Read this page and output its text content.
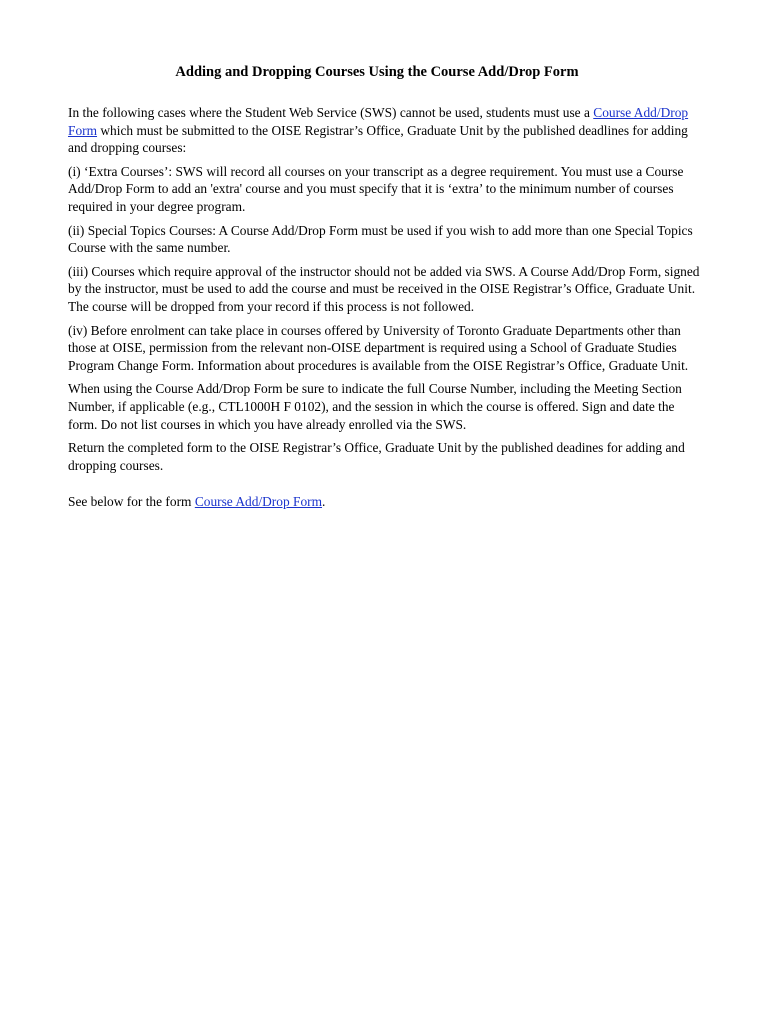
Adding and Dropping Courses Using the Course Add/Drop Form

In the following cases where the Student Web Service (SWS) cannot be used, students must use a Course Add/Drop Form which must be submitted to the OISE Registrar’s Office, Graduate Unit by the published deadlines for adding and dropping courses:

(i) ‘Extra Courses’: SWS will record all courses on your transcript as a degree requirement. You must use a Course Add/Drop Form to add an 'extra' course and you must specify that it is ‘extra’ to the minimum number of courses required in your degree program.

(ii) Special Topics Courses: A Course Add/Drop Form must be used if you wish to add more than one Special Topics Course with the same number.

(iii) Courses which require approval of the instructor should not be added via SWS. A Course Add/Drop Form, signed by the instructor, must be used to add the course and must be received in the OISE Registrar’s Office, Graduate Unit. The course will be dropped from your record if this process is not followed.

(iv) Before enrolment can take place in courses offered by University of Toronto Graduate Departments other than those at OISE, permission from the relevant non-OISE department is required using a School of Graduate Studies Program Change Form. Information about procedures is available from the OISE Registrar’s Office, Graduate Unit.

When using the Course Add/Drop Form be sure to indicate the full Course Number, including the Meeting Section Number, if applicable (e.g., CTL1000H F 0102), and the session in which the course is offered. Sign and date the form. Do not list courses in which you have already enrolled via the SWS.

Return the completed form to the OISE Registrar’s Office, Graduate Unit by the published deadines for adding and dropping courses.

See below for the form Course Add/Drop Form.
